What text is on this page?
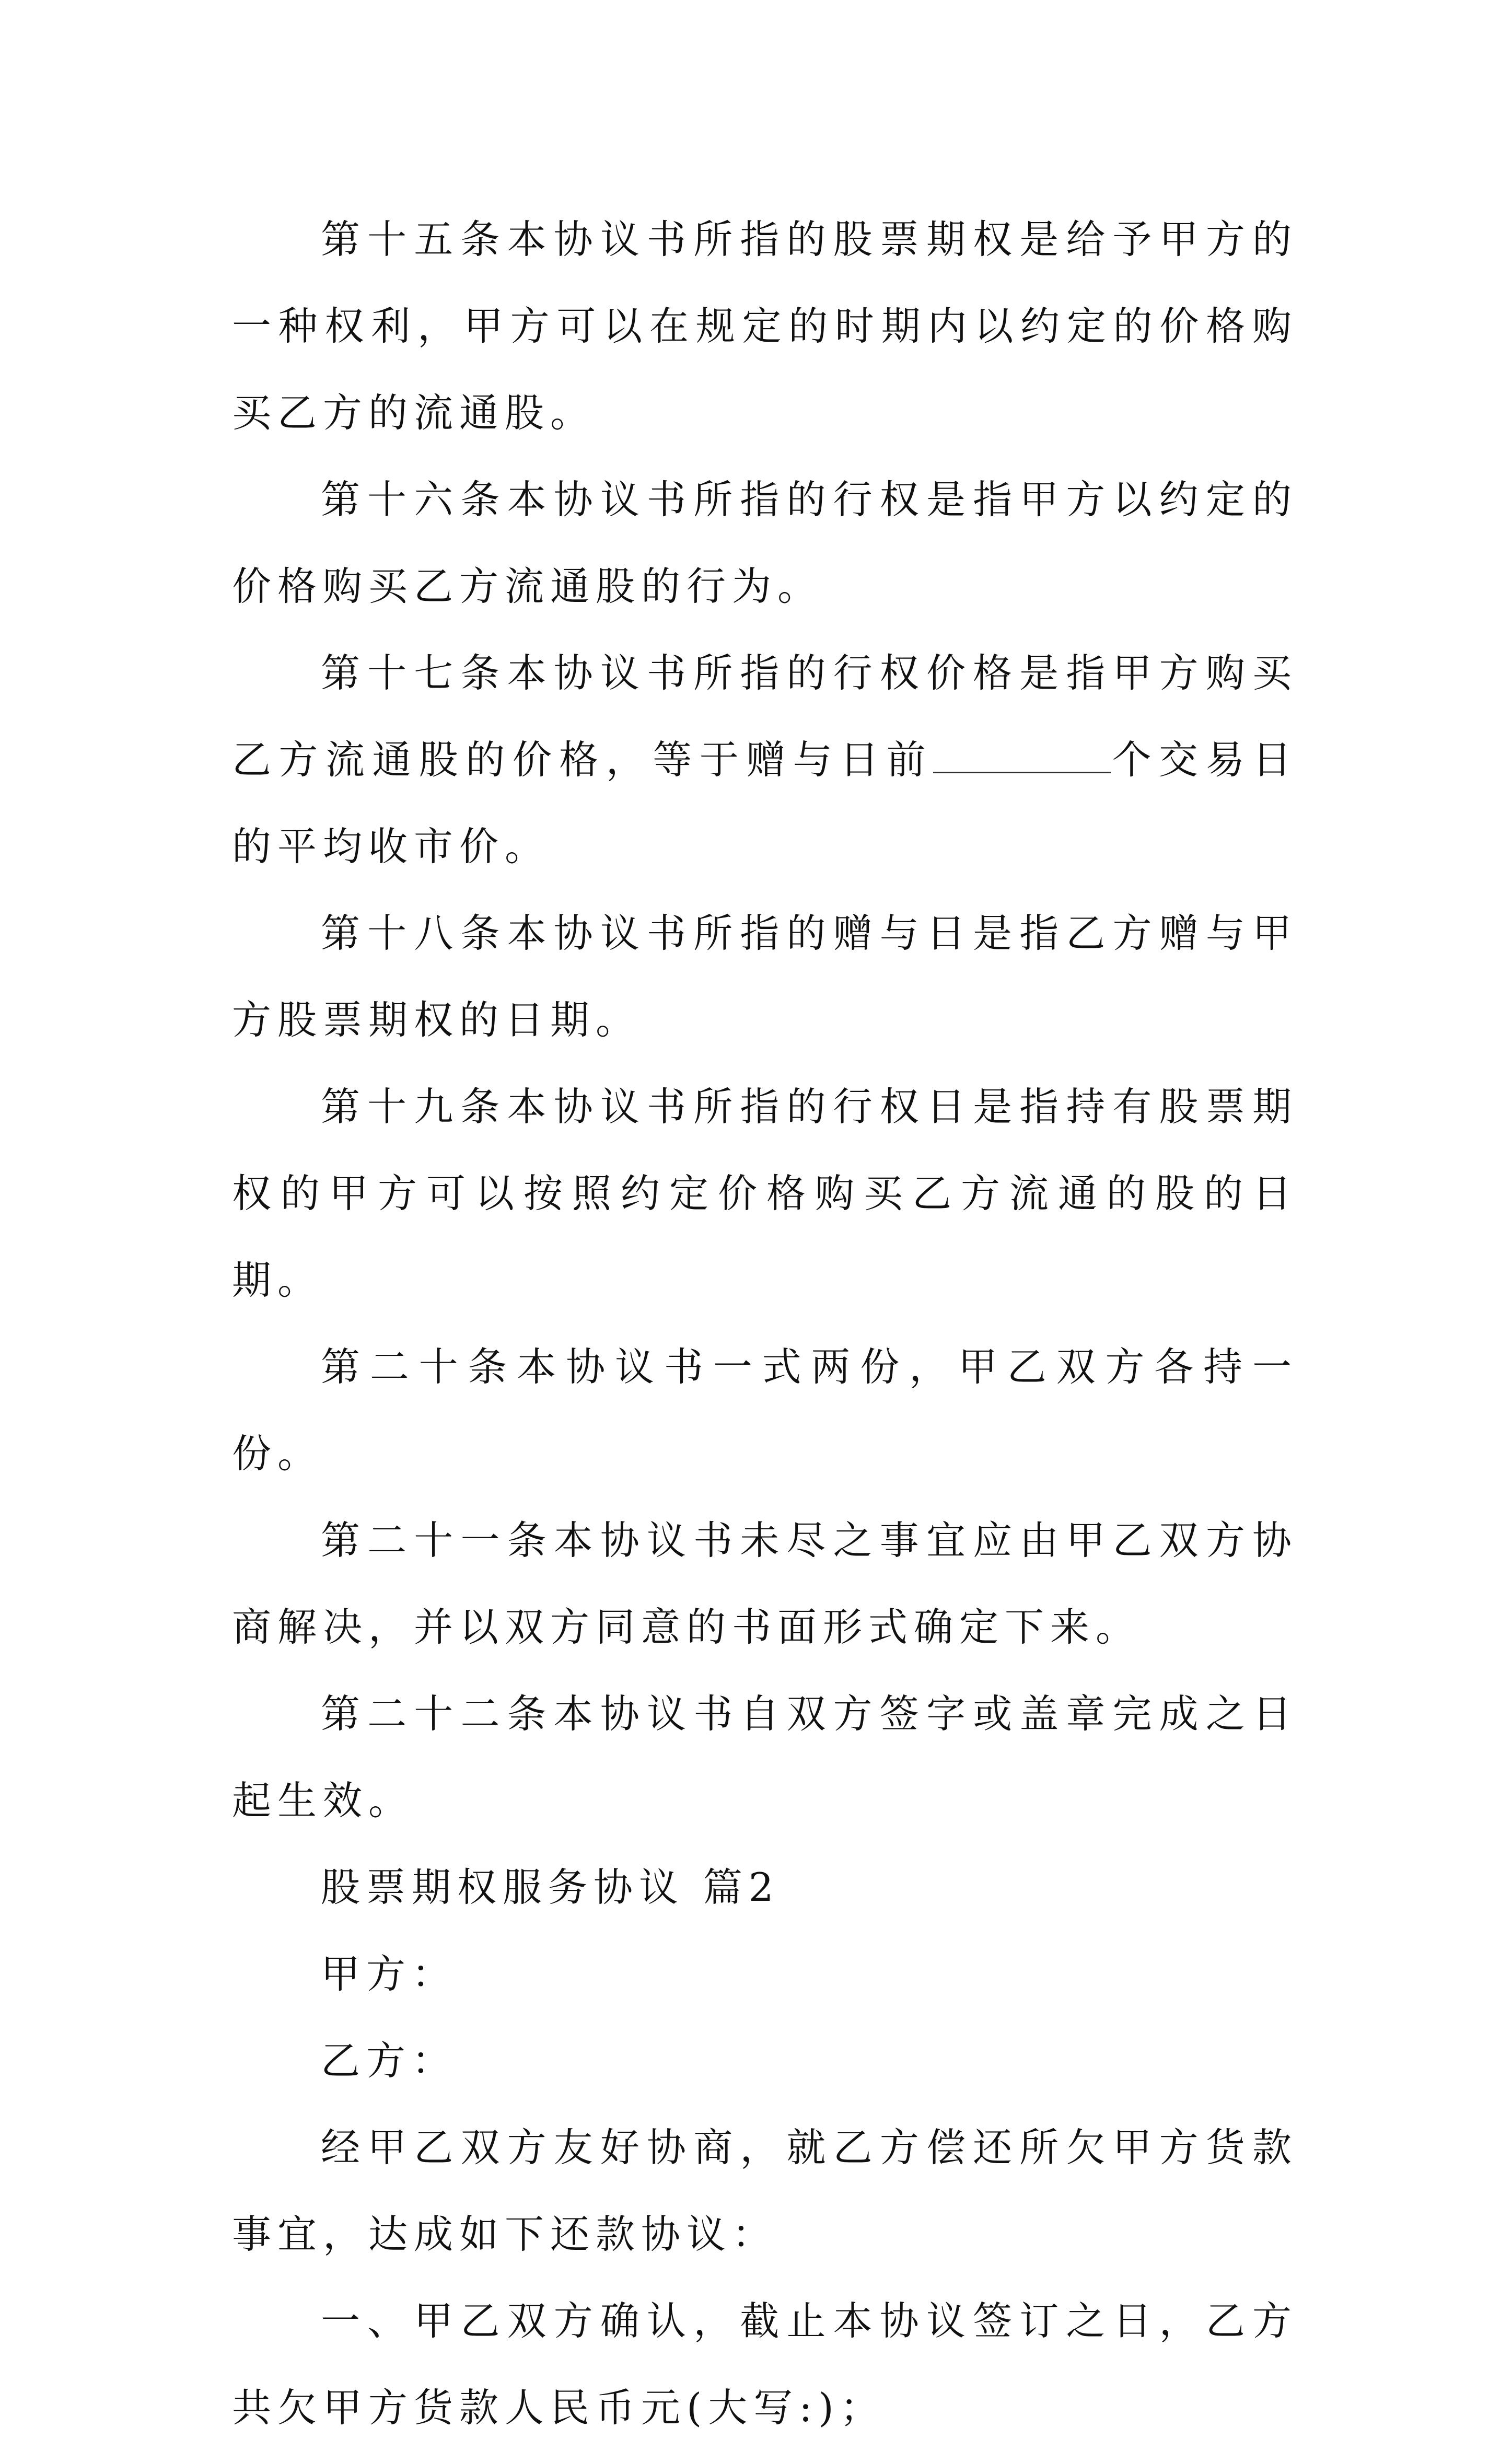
第十五条本协议书所指的股票期权是给予甲方的一种权利，甲方可以在规定的时期内以约定的价格购买乙方的流通股。

第十六条本协议书所指的行权是指甲方以约定的价格购买乙方流通股的行为。

第十七条本协议书所指的行权价格是指甲方购买乙方流通股的价格，等于赠与日前	个交易日的平均收市价。

第十八条本协议书所指的赠与日是指乙方赠与甲方股票期权的日期。

第十九条本协议书所指的行权日是指持有股票期权的甲方可以按照约定价格购买乙方流通的股的日期。

第二十条本协议书一式两份，甲乙双方各持一份。

第二十一条本协议书未尽之事宜应由甲乙双方协商解决，并以双方同意的书面形式确定下来。

第二十二条本协议书自双方签字或盖章完成之日起生效。

股票期权服务协议 篇2

甲方：

乙方：

经甲乙双方友好协商，就乙方偿还所欠甲方货款事宜，达成如下还款协议：

一、甲乙双方确认，截止本协议签订之日，乙方共欠甲方货款人民币元(大写:)；
